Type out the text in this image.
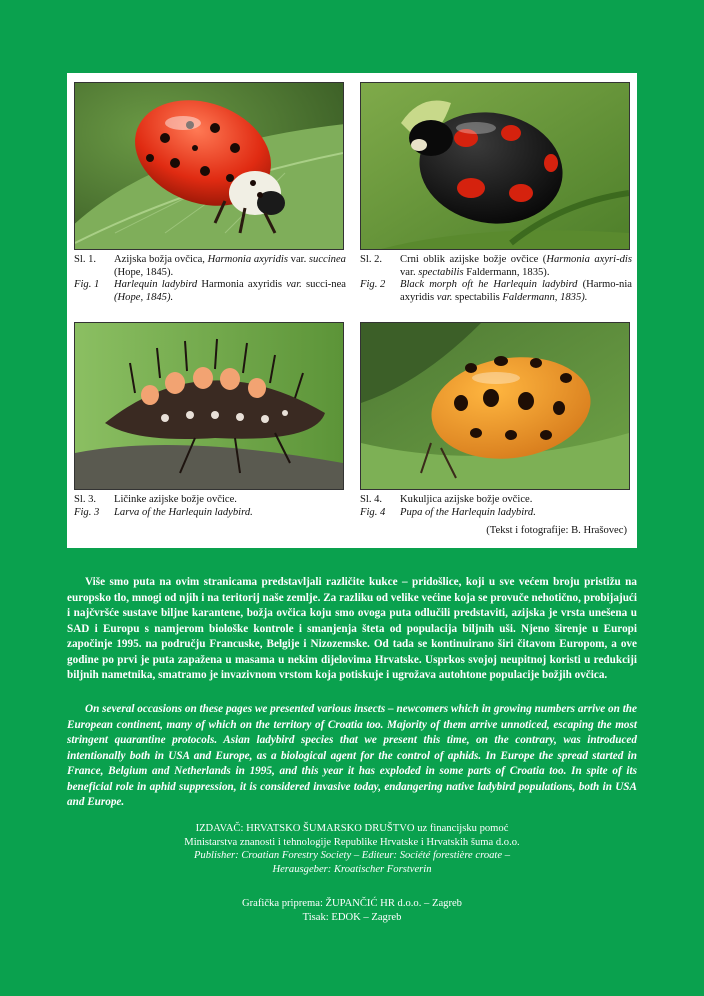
Sl. 1.	Azijska božja ovčica, Harmonia axyridis var. succinea (Hope, 1845).
Fig. 1	Harlequin ladybird Harmonia axyridis var. succi-nea (Hope, 1845).
Sl. 2.	Crni oblik azijske božje ovčice (Harmonia axyri-dis var. spectabilis Faldermann, 1835).
Fig. 2	Black morph oft he Harlequin ladybird (Harmo-nia axyridis var. spectabilis Faldermann, 1835).
Sl. 3.	Ličinke azijske božje ovčice.
Fig. 3	Larva of the Harlequin ladybird.
Sl. 4.	Kukuljica azijske božje ovčice.
Fig. 4	Pupa of the Harlequin ladybird.
(Tekst i fotografije: B. Hrašovec)

Više smo puta na ovim stranicama predstavljali različite kukce – pridošlice, koji u sve većem broju pristižu na europsko tlo, mnogi od njih i na teritorij naše zemlje. Za razliku od velike većine koja se provuče nehotično, probijajući i najčvršće sustave biljne karantene, božja ovčica koju smo ovoga puta odlučili predstaviti, azijska je vrsta unešena u SAD i Europu s namjerom biološke kontrole i smanjenja šteta od populacija biljnih uši. Njeno širenje u Europi započinje 1995. na području Francuske, Belgije i Nizozemske. Od tada se kontinuirano širi čitavom Europom, a ove godine po prvi je puta zapažena u masama u nekim dijelovima Hrvatske. Usprkos svojoj neupitnoj koristi u redukciji biljnih nametnika, smatramo je invazivnom vrstom koja potiskuje i ugrožava autohtone populacije božjih ovčica.

On several occasions on these pages we presented various insects – newcomers which in growing numbers arrive on the European continent, many of which on the territory of Croatia too. Majority of them arrive unnoticed, escaping the most stringent quarantine protocols. Asian ladybird species that we present this time, on the contrary, was introduced intentionally both in USA and Europe, as a biological agent for the control of aphids. In Europe the spread started in France, Belgium and Netherlands in 1995, and this year it has exploded in some parts of Croatia too. In spite of its beneficial role in aphid suppression, it is considered invasive today, endangering native ladybird populations, both in USA and Europe.

IZDAVAČ: HRVATSKO ŠUMARSKO DRUŠTVO uz financijsku pomoć
Ministarstva znanosti i tehnologije Republike Hrvatske i Hrvatskih šuma d.o.o.
Publisher: Croatian Forestry Society – Editeur: Société forestière croate –
Herausgeber: Kroatischer Forstverin
Grafička priprema: ŽUPANČIĆ HR d.o.o. – Zagreb
Tisak: EDOK – Zagreb
